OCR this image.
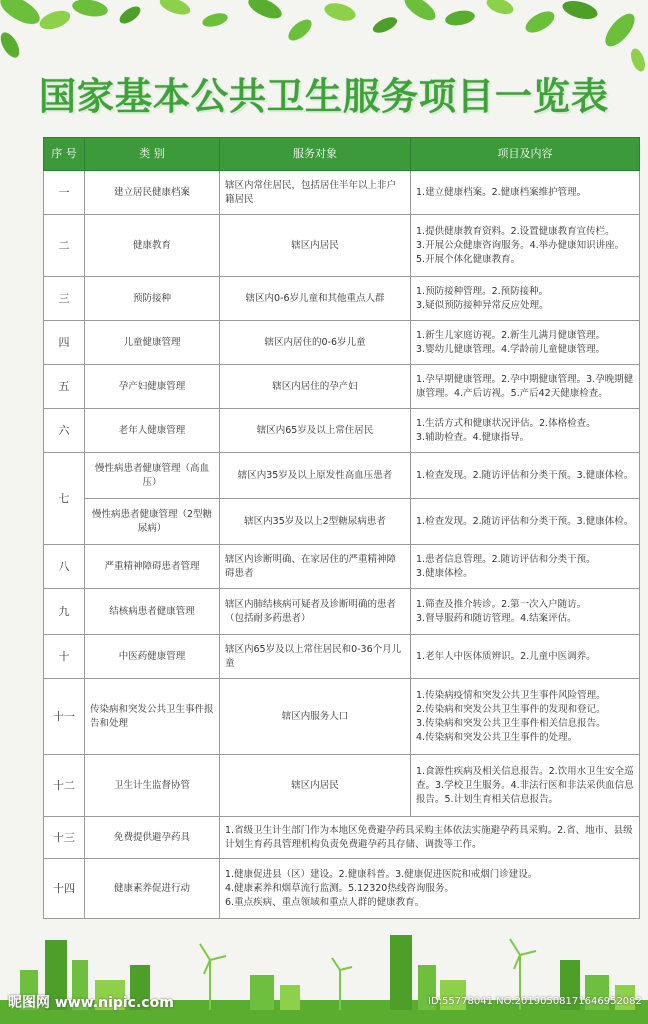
国家基本公共卫生服务项目一览表
序 号	类 别	服务对象	项目及内容
一	建立居民健康档案	辖区内常住居民，包括居住半年以上非户籍居民	1.建立健康档案。2.健康档案维护管理。
二	健康教育	辖区内居民	1.提供健康教育资料。2.设置健康教育宣传栏。
3.开展公众健康咨询服务。4.举办健康知识讲座。
5.开展个体化健康教育。

三	预防接种	辖区内0-6岁儿童和其他重点人群	1.预防接种管理。2.预防接种。
3.疑似预防接种异常反应处理。

四	儿童健康管理	辖区内居住的0-6岁儿童	1.新生儿家庭访视。2.新生儿满月健康管理。
3.婴幼儿健康管理。4.学龄前儿童健康管理。

五	孕产妇健康管理	辖区内居住的孕产妇	1.孕早期健康管理。2.孕中期健康管理。3.孕晚期健康管理。4.产后访视。5.产后42天健康检查。
六	老年人健康管理	辖区内65岁及以上常住居民	1.生活方式和健康状况评估。2.体格检查。
3.辅助检查。4.健康指导。

七	慢性病患者健康管理（高血压）	辖区内35岁及以上原发性高血压患者	1.检查发现。2.随访评估和分类干预。3.健康体检。
	慢性病患者健康管理（2型糖尿病）	辖区内35岁及以上2型糖尿病患者	1.检查发现。2.随访评估和分类干预。3.健康体检。
八	严重精神障碍患者管理	辖区内诊断明确、在家居住的严重精神障碍患者	1.患者信息管理。2.随访评估和分类干预。
3.健康体检。

九	结核病患者健康管理	辖区内肺结核病可疑者及诊断明确的患者（包括耐多药患者）	1.筛查及推介转诊。2.第一次入户随访。
3.督导服药和随访管理。4.结案评估。

十	中医药健康管理	辖区内65岁及以上常住居民和0-36个月儿童	1.老年人中医体质辨识。2.儿童中医调养。
十一	传染病和突发公共卫生事件报告和处理	辖区内服务人口	1.传染病疫情和突发公共卫生事件风险管理。
2.传染病和突发公共卫生事件的发现和登记。
3.传染病和突发公共卫生事件相关信息报告。
4.传染病和突发公共卫生事件的处理。

十二	卫生计生监督协管	辖区内居民	1.食源性疾病及相关信息报告。2.饮用水卫生安全巡查。3.学校卫生服务。4.非法行医和非法采供血信息报告。5.计划生育相关信息报告。
十三	免费提供避孕药具	1.省级卫生计生部门作为本地区免费避孕药具采购主体依法实施避孕药具采购。2.省、地市、县级计划生育药具管理机构负责免费避孕药具存储、调拨等工作。	
十四	健康素养促进行动	1.健康促进县（区）建设。2.健康科普。3.健康促进医院和戒烟门诊建设。
4.健康素养和烟草流行监测。5.12320热线咨询服务。
6.重点疾病、重点领域和重点人群的健康教育。	
昵图网 www.nipic.com	ID:55778041 NO:20190508171646952082
